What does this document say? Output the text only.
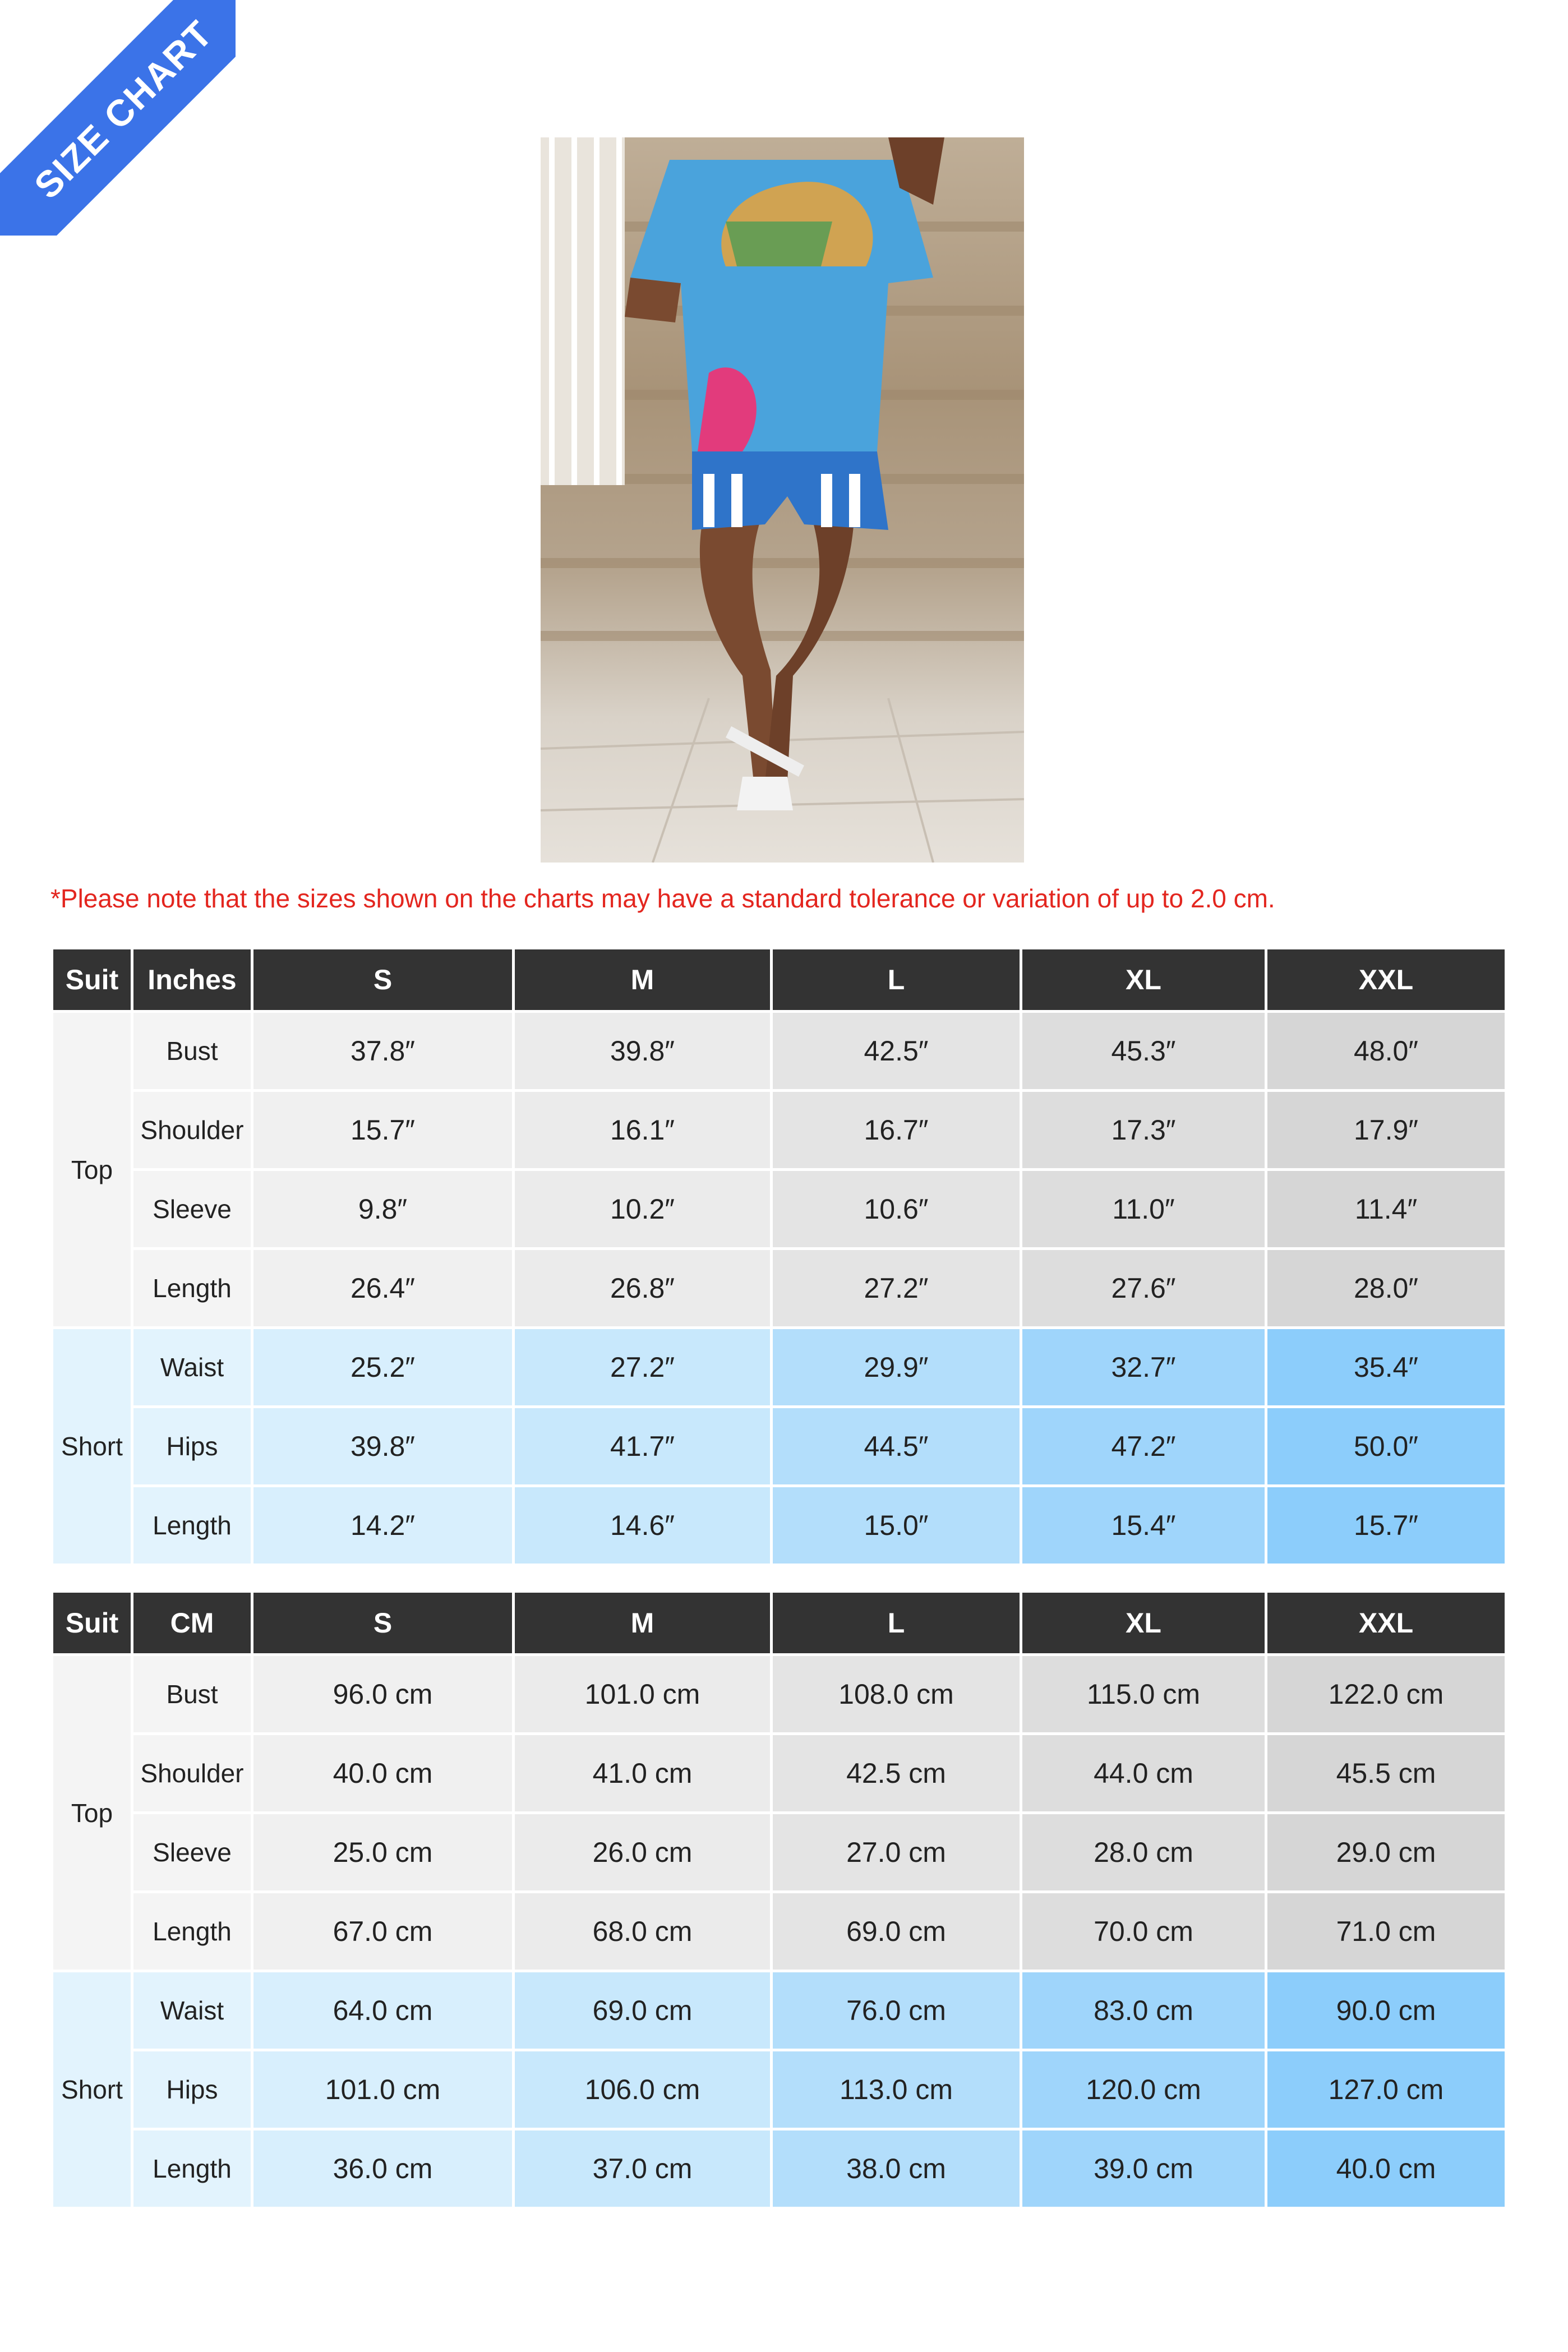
SIZE CHART
*Please note that the sizes shown on the charts may have a standard tolerance or variation of up to 2.0 cm.
Suit	Inches	S	M	L	XL	XXL
Top	Bust	37.8″	39.8″	42.5″	45.3″	48.0″
	Shoulder	15.7″	16.1″	16.7″	17.3″	17.9″
	Sleeve	9.8″	10.2″	10.6″	11.0″	11.4″
	Length	26.4″	26.8″	27.2″	27.6″	28.0″
Short	Waist	25.2″	27.2″	29.9″	32.7″	35.4″
	Hips	39.8″	41.7″	44.5″	47.2″	50.0″
	Length	14.2″	14.6″	15.0″	15.4″	15.7″
Suit	CM	S	M	L	XL	XXL
Top	Bust	96.0 cm	101.0 cm	108.0 cm	115.0 cm	122.0 cm
	Shoulder	40.0 cm	41.0 cm	42.5 cm	44.0 cm	45.5 cm
	Sleeve	25.0 cm	26.0 cm	27.0 cm	28.0 cm	29.0 cm
	Length	67.0 cm	68.0 cm	69.0 cm	70.0 cm	71.0 cm
Short	Waist	64.0 cm	69.0 cm	76.0 cm	83.0 cm	90.0 cm
	Hips	101.0 cm	106.0 cm	113.0 cm	120.0 cm	127.0 cm
	Length	36.0 cm	37.0 cm	38.0 cm	39.0 cm	40.0 cm
